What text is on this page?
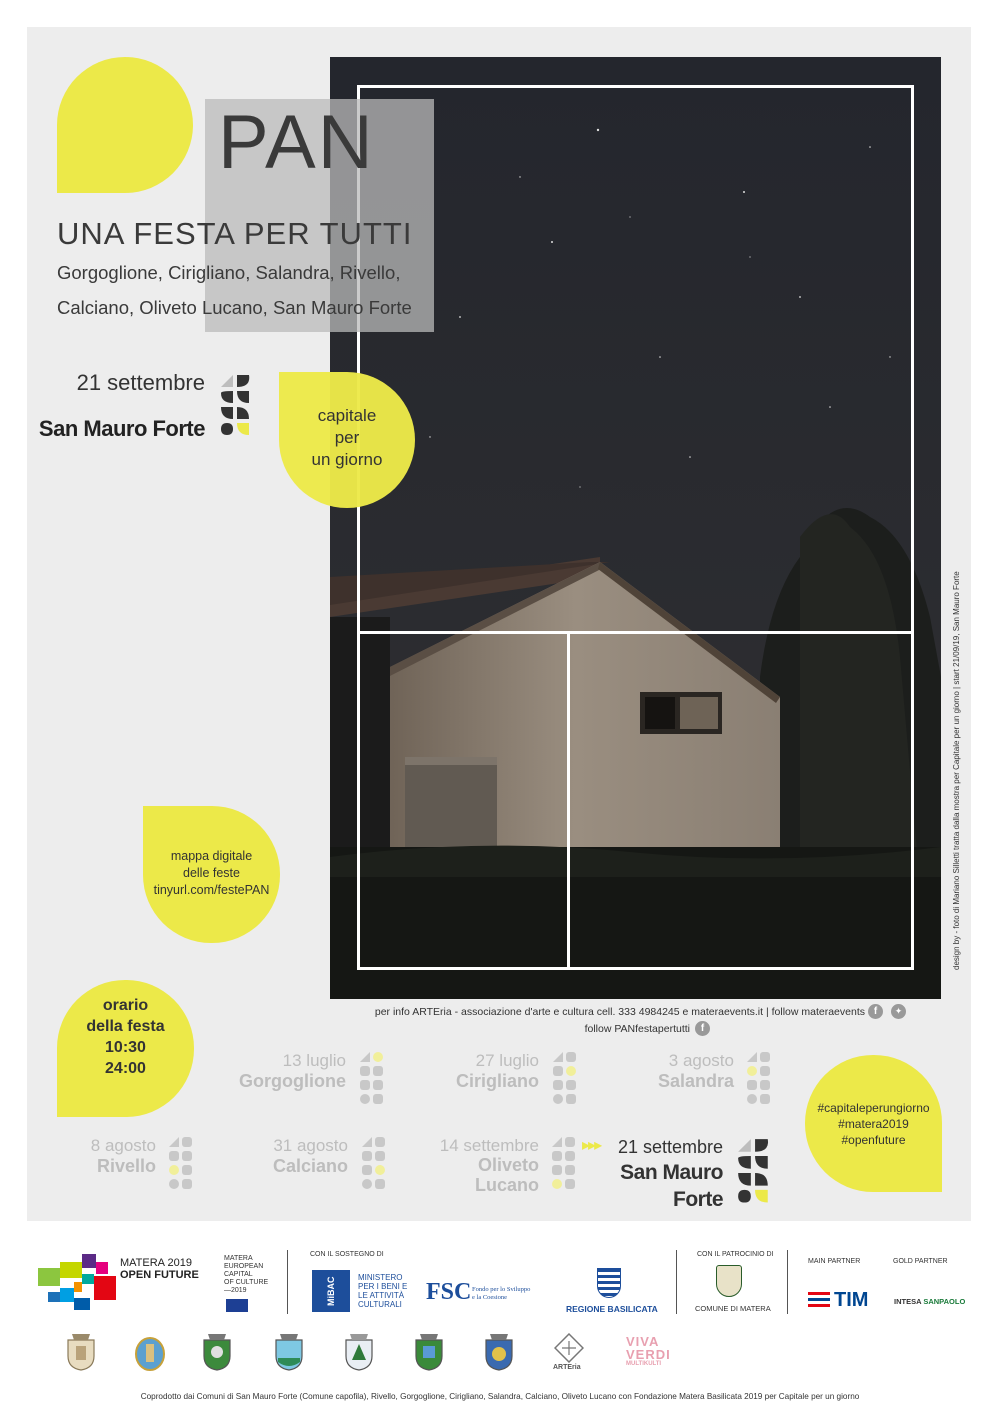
PAN
UNA FESTA PER TUTTI
Gorgoglione, Cirigliano, Salandra, Rivello,
Calciano, Oliveto Lucano, San Mauro Forte
21 settembre
San Mauro Forte
capitale
per
un giorno
mappa digitale
delle feste
tinyurl.com/festePAN
orario
della festa
10:30
24:00
#capitaleperungiorno
#matera2019
#openfuture
design by - foto di Mariano Silletti tratta dalla mostra per Capitale per un giorno | start 21/09/19, San Mauro Forte
per info ARTEria - associazione d'arte e cultura cell. 333 4984245 e materaevents.it | follow materaevents f	✦
follow PANfestapertutti	f
13 luglio
Gorgoglione
27 luglio
Cirigliano
3 agosto
Salandra
8 agosto
Rivello
31 agosto
Calciano
14 settembre
Oliveto
Lucano
▸▸▸ 21 settembre
San Mauro
Forte
MATERA 2019
OPEN FUTURE
MATERA
EUROPEAN
CAPITAL
OF CULTURE
—2019
CON IL SOSTEGNO DI
MiBAC	MINISTERO
PER I BENI E
LE ATTIVITÀ
CULTURALI FSC Fondo per lo Sviluppo
e la Coesione
REGIONE BASILICATA
CON IL PATROCINIO DI
COMUNE DI MATERA
MAIN PARTNER	GOLD PARTNER
TIM	INTESA SANPAOLO
ARTEria
VIVA
VERDI
MULTIKULTI
Coprodotto dai Comuni di San Mauro Forte (Comune capofila), Rivello, Gorgoglione, Cirigliano, Salandra, Calciano, Oliveto Lucano con Fondazione Matera Basilicata 2019 per Capitale per un giorno
